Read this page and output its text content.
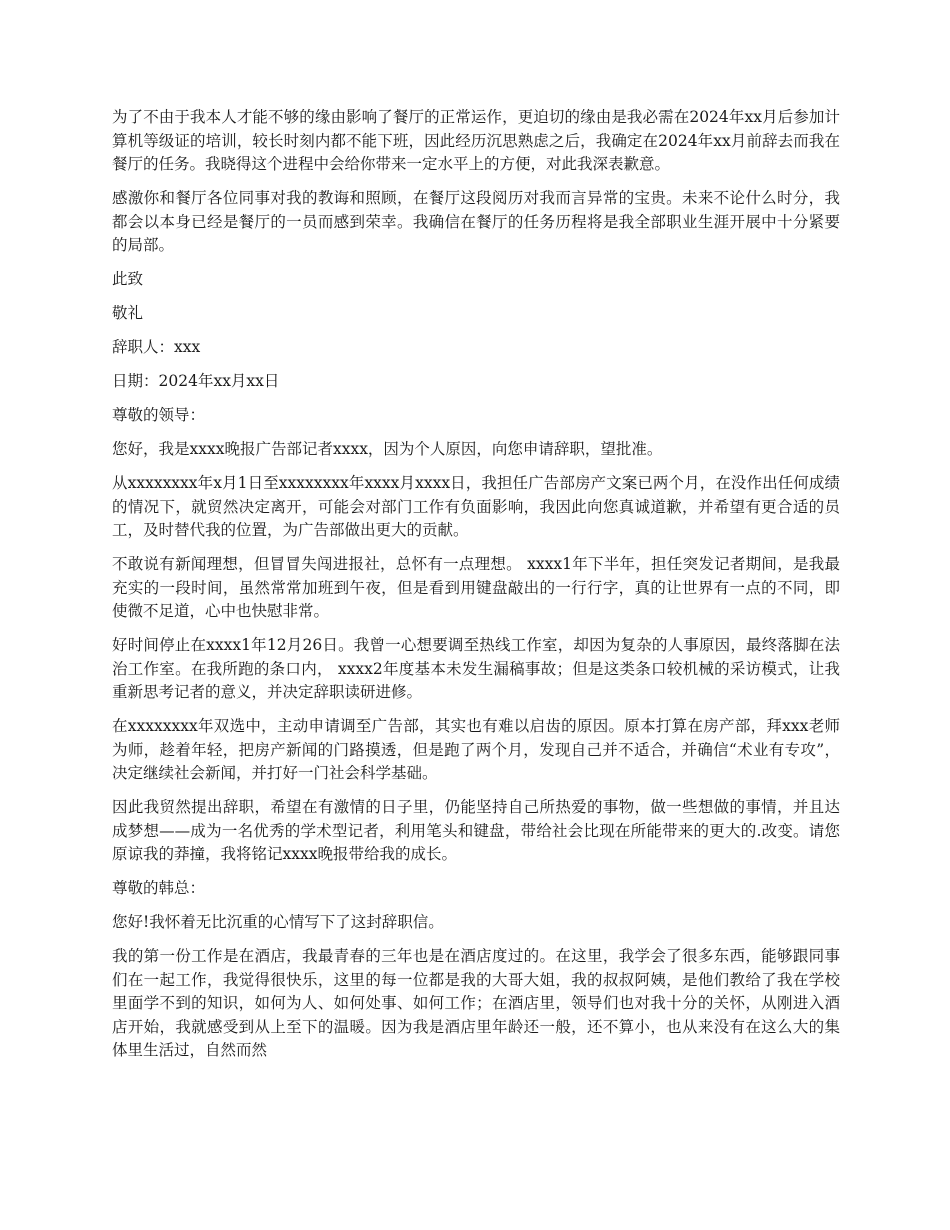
为了不由于我本人才能不够的缘由影响了餐厅的正常运作，更迫切的缘由是我必需在2024年xx月后参加计算机等级证的培训，较长时刻内都不能下班，因此经历沉思熟虑之后，我确定在2024年xx月前辞去而我在餐厅的任务。我晓得这个进程中会给你带来一定水平上的方便，对此我深表歉意。

感激你和餐厅各位同事对我的教诲和照顾，在餐厅这段阅历对我而言异常的宝贵。未来不论什么时分，我都会以本身已经是餐厅的一员而感到荣幸。我确信在餐厅的任务历程将是我全部职业生涯开展中十分紧要的局部。

此致

敬礼

辞职人：xxx

日期：2024年xx月xx日

尊敬的领导：

您好，我是xxxx晚报广告部记者xxxx，因为个人原因，向您申请辞职，望批准。

从xxxxxxxx年x月1日至xxxxxxxx年xxxx月xxxx日，我担任广告部房产文案已两个月，在没作出任何成绩的情况下，就贸然决定离开，可能会对部门工作有负面影响，我因此向您真诚道歉，并希望有更合适的员工，及时替代我的位置，为广告部做出更大的贡献。

不敢说有新闻理想，但冒冒失闯进报社，总怀有一点理想。 xxxx1年下半年，担任突发记者期间，是我最充实的一段时间，虽然常常加班到午夜，但是看到用键盘敲出的一行行字，真的让世界有一点的不同，即使微不足道，心中也快慰非常。

好时间停止在xxxx1年12月26日。我曾一心想要调至热线工作室，却因为复杂的人事原因，最终落脚在法治工作室。在我所跑的条口内， xxxx2年度基本未发生漏稿事故；但是这类条口较机械的采访模式，让我重新思考记者的意义，并决定辞职读研进修。

在xxxxxxxx年双选中，主动申请调至广告部，其实也有难以启齿的原因。原本打算在房产部，拜xxx老师为师，趁着年轻，把房产新闻的门路摸透，但是跑了两个月，发现自己并不适合，并确信“术业有专攻”，决定继续社会新闻，并打好一门社会科学基础。

因此我贸然提出辞职，希望在有激情的日子里，仍能坚持自己所热爱的事物，做一些想做的事情，并且达成梦想——成为一名优秀的学术型记者，利用笔头和键盘，带给社会比现在所能带来的更大的.改变。请您原谅我的莽撞，我将铭记xxxx晚报带给我的成长。

尊敬的韩总：

您好!我怀着无比沉重的心情写下了这封辞职信。

我的第一份工作是在酒店，我最青春的三年也是在酒店度过的。在这里，我学会了很多东西，能够跟同事们在一起工作，我觉得很快乐，这里的每一位都是我的大哥大姐，我的叔叔阿姨，是他们教给了我在学校里面学不到的知识，如何为人、如何处事、如何工作；在酒店里，领导们也对我十分的关怀，从刚进入酒店开始，我就感受到从上至下的温暖。因为我是酒店里年龄还一般，还不算小，也从来没有在这么大的集体里生活过，自然而然
